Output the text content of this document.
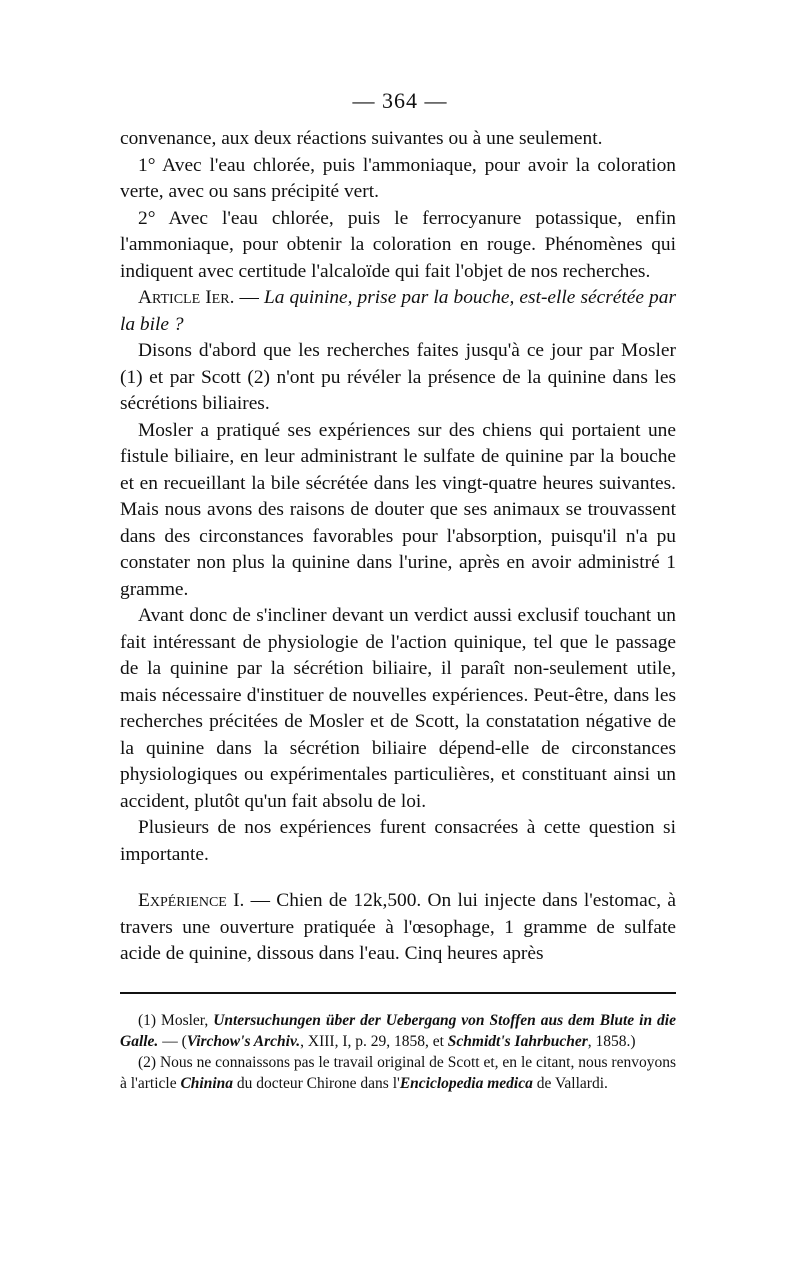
— 364 —

convenance, aux deux réactions suivantes ou à une seulement.

1° Avec l'eau chlorée, puis l'ammoniaque, pour avoir la coloration verte, avec ou sans précipité vert.

2° Avec l'eau chlorée, puis le ferrocyanure potassique, enfin l'ammoniaque, pour obtenir la coloration en rouge. Phénomènes qui indiquent avec certitude l'alcaloïde qui fait l'objet de nos recherches.

Article Ier. — La quinine, prise par la bouche, est-elle sécrétée par la bile ?

Disons d'abord que les recherches faites jusqu'à ce jour par Mosler (1) et par Scott (2) n'ont pu révéler la présence de la quinine dans les sécrétions biliaires.

Mosler a pratiqué ses expériences sur des chiens qui portaient une fistule biliaire, en leur administrant le sulfate de quinine par la bouche et en recueillant la bile sécrétée dans les vingt-quatre heures suivantes. Mais nous avons des raisons de douter que ses animaux se trouvassent dans des circonstances favorables pour l'absorption, puisqu'il n'a pu constater non plus la quinine dans l'urine, après en avoir administré 1 gramme.

Avant donc de s'incliner devant un verdict aussi exclusif touchant un fait intéressant de physiologie de l'action quinique, tel que le passage de la quinine par la sécrétion biliaire, il paraît non-seulement utile, mais nécessaire d'instituer de nouvelles expériences. Peut-être, dans les recherches précitées de Mosler et de Scott, la constatation négative de la quinine dans la sécrétion biliaire dépend-elle de circonstances physiologiques ou expérimentales particulières, et constituant ainsi un accident, plutôt qu'un fait absolu de loi.

Plusieurs de nos expériences furent consacrées à cette question si importante.

Expérience I. — Chien de 12k,500. On lui injecte dans l'estomac, à travers une ouverture pratiquée à l'œsophage, 1 gramme de sulfate acide de quinine, dissous dans l'eau. Cinq heures après

(1) Mosler, Untersuchungen über der Uebergang von Stoffen aus dem Blute in die Galle. — (Virchow's Archiv., XIII, I, p. 29, 1858, et Schmidt's Iahrbucher, 1858.)

(2) Nous ne connaissons pas le travail original de Scott et, en le citant, nous renvoyons à l'article Chinina du docteur Chirone dans l'Enciclopedia medica de Vallardi.
